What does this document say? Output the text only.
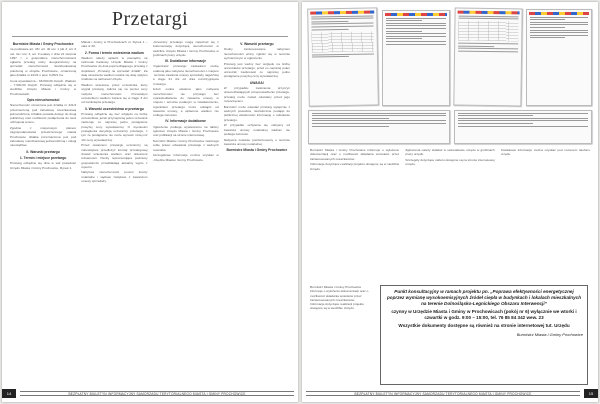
Przetargi
Burmistrz Miasta i Gminy Prochowice

na podstawie art. 38 i art. 40 ust. 1 pkt 3, art. 6 ust. 2a i ust. 3, art. 9 ustawy z dnia 21 sierpnia 1997 r. o gospodarce nieruchomościami ogłasza przetarg ustny nieograniczony na sprzedaż nieruchomości niezabudowanej położonej w obrębie Prochowice, oznaczonej jako działka nr 221/4 o pow. 0,0521 ha.

Cena wywoławcza – 68.000,00 złotych. Wadium – 7.000,00 złotych. Przetarg odbędzie się w siedzibie Urzędu Miasta i Gminy w Prochowicach.

Opis nieruchomości

Nieruchomość oznaczona jest działką nr 221/4 przeznaczoną pod zabudowę mieszkaniową jednorodzinną. Działka posiada dostęp do drogi publicznej oraz możliwość podłączenia do sieci uzbrojenia terenu.

Zgodnie z miejscowym planem zagospodarowania przestrzennego miasta Prochowice działka przeznaczona jest pod zabudowę mieszkaniową jednorodzinną i usługi nieuciążliwe.

II. Warunki przetargu
1. Termin i miejsce przetargu

Przetarg odbędzie się dnia w sali posiedzeń Urzędu Miasta i Gminy Prochowice, Rynek 1.

Miasta i Gminy w Prochowicach ul. Rynek 1 – sala nr 20.

2. Forma i termin wniesienia wadium

Wadium należy wpłacić w pieniądzu na rachunek bankowy Urzędu Miasta i Gminy Prochowice do dnia poprzedzającego przetarg z dopiskiem „Przetarg na sprzedaż działki”. Za datę wniesienia wadium uważa się datę wpływu środków na rachunek Urzędu.

Wadium wniesione przez uczestnika, który wygrał przetarg, zalicza się na poczet ceny nabycia nieruchomości. Pozostałym uczestnikom wadium zwraca się w ciągu 3 dni od zamknięcia przetargu.

3. Warunki uczestnictwa w przetargu

Przetarg odbędzie się bez względu na liczbę uczestników, jeżeli przynajmniej jeden uczestnik zaoferuje co najmniej jedno postąpienie powyżej ceny wywoławczej. O wysokości postąpienia decydują uczestnicy przetargu, z tym że postąpienie nie może wynosić mniej niż 1% ceny wywoławczej.

Przed otwarciem przetargu uczestnicy są zobowiązani przedłożyć komisji przetargowej dowód wniesienia wadium oraz dokument tożsamości. Osoby reprezentujące podmioty gospodarcze przedkładają aktualny wypis z rejestru.

Nabywca nieruchomości ponosi koszty notarialne i sądowe związane z zawarciem umowy sprzedaży.

Uczestnicy przetargu mogą zapoznać się z dokumentacją dotyczącą nieruchomości w siedzibie Urzędu Miasta i Gminy Prochowice w godzinach pracy urzędu.

III. Dodatkowe informacje

Organizator przetargu zawiadomi osobę ustaloną jako nabywca nieruchomości o miejscu i terminie zawarcia umowy sprzedaży najpóźniej w ciągu 21 dni od dnia rozstrzygnięcia przetargu.

Jeżeli osoba ustalona jako nabywca nieruchomości nie przystąpi bez usprawiedliwienia do zawarcia umowy w miejscu i terminie podanym w zawiadomieniu, organizator przetargu może odstąpić od zawarcia umowy, a wpłacone wadium nie podlega zwrotowi.

IV. Informacje dodatkowe

Ogłoszenie podlega wywieszeniu na tablicy ogłoszeń Urzędu Miasta i Gminy Prochowice oraz publikacji na stronie internetowej.

Burmistrz Miasta i Gminy Prochowice zastrzega sobie prawo odwołania przetargu z ważnych powodów.

Szczegółowe informacje można uzyskać w Urzędzie Miasta i Gminy Prochowice.

V. Warunki przetargu

Osoby zainteresowane nabyciem nieruchomości winny zgłosić się w terminie wyznaczonym w ogłoszeniu.

Przetarg jest ważny bez względu na liczbę uczestników przetargu, jeżeli co najmniej jeden uczestnik zaoferował co najmniej jedno postąpienie powyżej ceny wywoławczej.

UWAGA!

W przypadku zaistnienia przyczyn uniemożliwiających przeprowadzenie przetargu, przetarg może zostać odwołany przed jego rozpoczęciem.

Burmistrz może odwołać przetarg wyłącznie z ważnych powodów, niezwłocznie podając do publicznej wiadomości informację o odwołaniu przetargu.

W przypadku uchylenia się nabywcy od zawarcia umowy notarialnej wadium nie podlega zwrotowi.

Nabywca zostanie poinformowany o terminie zawarcia umowy notarialnej.

Burmistrz Miasta i Gminy Prochowice
14	BEZPŁATNY BIULETYN INFORMACYJNY SAMORZĄDU TERYTORIALNEGO MIASTA I GMINY PROCHOWICE

Burmistrz Miasta i Gminy Prochowice informuje o wyłożeniu dokumentacji oraz o możliwości składania wniosków przez zainteresowanych mieszkańców.

Informacje dotyczące realizacji projektu dostępne są w siedzibie Urzędu.

Zgłoszenia należy składać w sekretariacie urzędu w godzinach pracy urzędu.

Szczegóły dotyczące naboru dostępne są na stronie internetowej urzędu.

Dodatkowe informacje można uzyskać pod numerem telefonu urzędu.

Burmistrz Miasta i Gminy Prochowice informuje o wyłożeniu dokumentacji oraz o możliwości składania wniosków przez zainteresowanych mieszkańców.

Informacje dotyczące realizacji projektu dostępne są w siedzibie Urzędu.

Punkt konsultacyjny w ramach projektu pn. „Poprawa efektywności energetycznej poprzez wymianę wysokoemisyjnych źródeł ciepła w budynkach i lokalach mieszkalnych na terenie Dolnośląsko-Legnickiego Obszaru Interwencji”
czynny w Urzędzie Miasta i Gminy w Prochowicach (pokój nr 6) wyłącznie we wtorki i czwartki w godz. 9:00 – 15:00, tel. 76 85 84 342 wew. 23
Wszystkie dokumenty dostępne są również na stronie internetowej tut. Urzędu
Burmistrz Miasta i Gminy Prochowice
BEZPŁATNY BIULETYN INFORMACYJNY SAMORZĄDU TERYTORIALNEGO MIASTA I GMINY PROCHOWICE	15
